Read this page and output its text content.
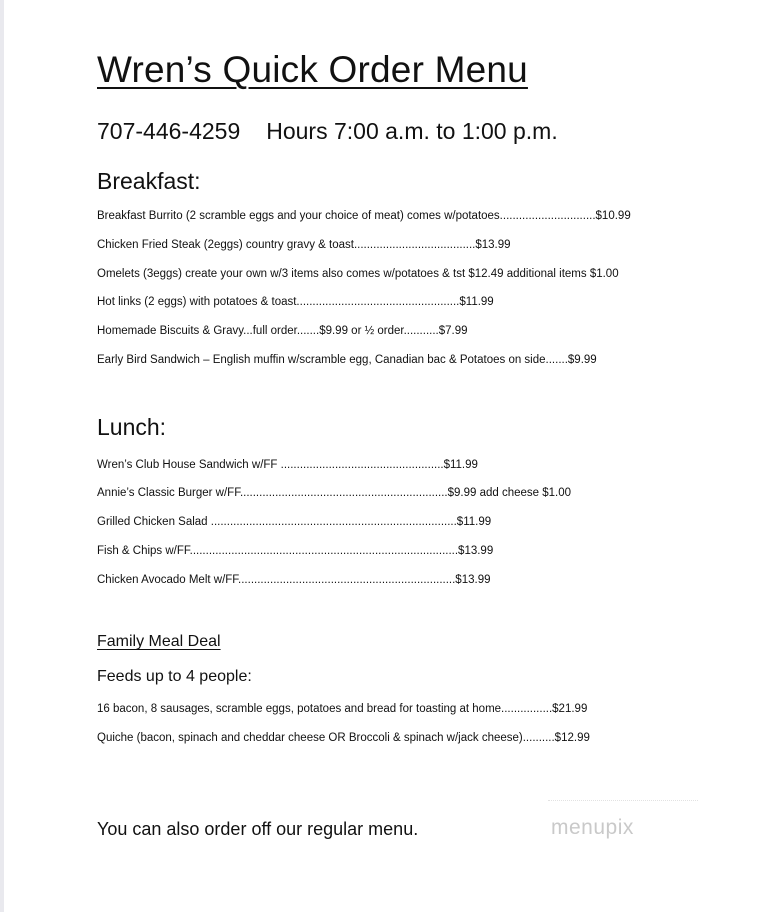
Wren’s Quick Order Menu
707-446-4259 Hours 7:00 a.m. to 1:00 p.m.
Breakfast:
Breakfast Burrito (2 scramble eggs and your choice of meat) comes w/potatoes..............................$10.99
Chicken Fried Steak (2eggs) country gravy & toast......................................$13.99
Omelets (3eggs) create your own w/3 items also comes w/potatoes & tst $12.49 additional items $1.00
Hot links (2 eggs) with potatoes & toast...................................................$11.99
Homemade Biscuits & Gravy...full order.......$9.99 or ½ order...........$7.99
Early Bird Sandwich – English muffin w/scramble egg, Canadian bac & Potatoes on side.......$9.99
Lunch:
Wren’s Club House Sandwich w/FF ...................................................$11.99
Annie’s Classic Burger w/FF.................................................................$9.99 add cheese $1.00
Grilled Chicken Salad .............................................................................$11.99
Fish & Chips w/FF....................................................................................$13.99
Chicken Avocado Melt w/FF....................................................................$13.99
Family Meal Deal
Feeds up to 4 people:
16 bacon, 8 sausages, scramble eggs, potatoes and bread for toasting at home................$21.99
Quiche (bacon, spinach and cheddar cheese OR Broccoli & spinach w/jack cheese)..........$12.99
You can also order off our regular menu.	menupix
